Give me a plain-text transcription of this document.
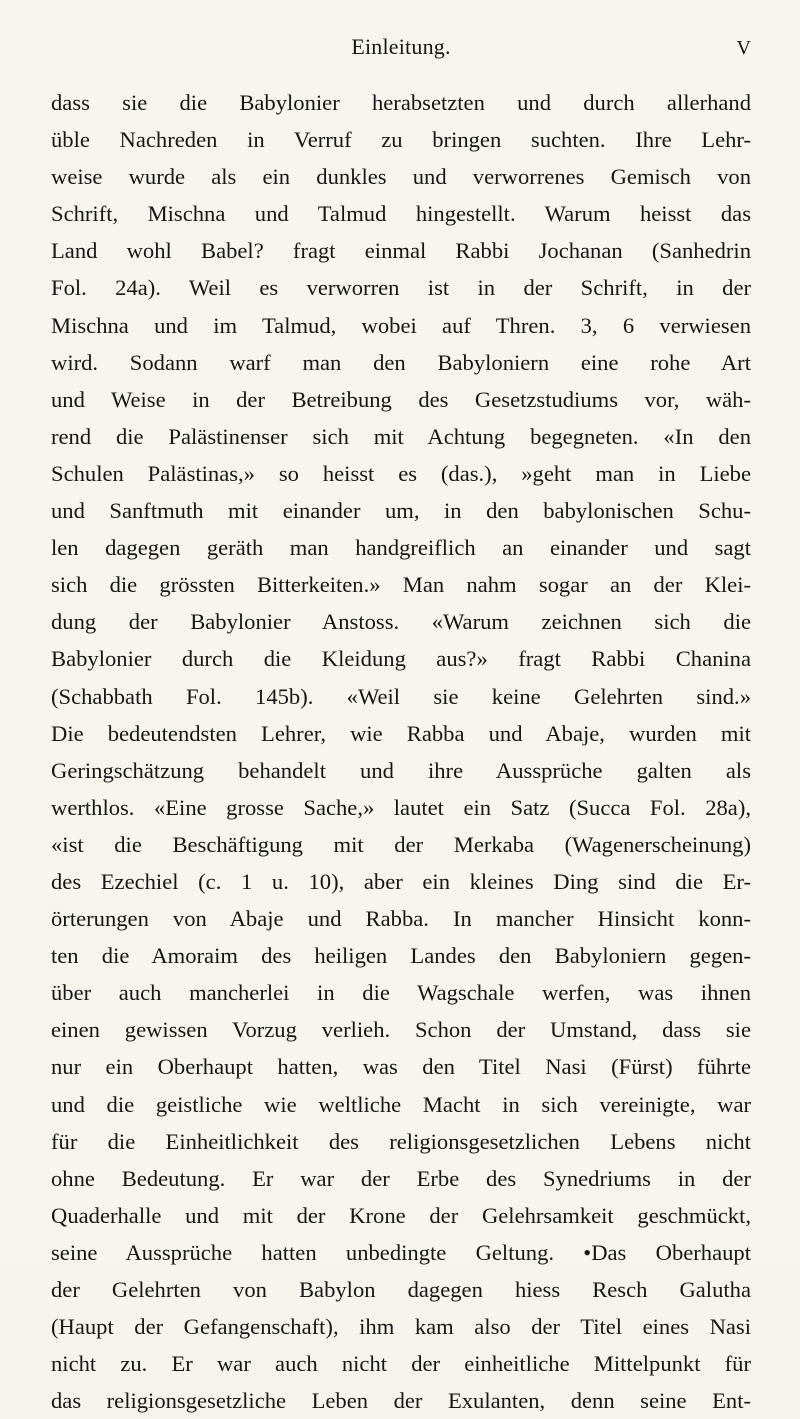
Einleitung.	V
dass sie die Babylonier herabsetzten und durch allerhand
üble Nachreden in Verruf zu bringen suchten. Ihre Lehr-
weise wurde als ein dunkles und verworrenes Gemisch von
Schrift, Mischna und Talmud hingestellt. Warum heisst das
Land wohl Babel? fragt einmal Rabbi Jochanan (Sanhedrin
Fol. 24a). Weil es verworren ist in der Schrift, in der
Mischna und im Talmud, wobei auf Thren. 3, 6 verwiesen
wird. Sodann warf man den Babyloniern eine rohe Art
und Weise in der Betreibung des Gesetzstudiums vor, wäh-
rend die Palästinenser sich mit Achtung begegneten. «In den
Schulen Palästinas,» so heisst es (das.), »geht man in Liebe
und Sanftmuth mit einander um, in den babylonischen Schu-
len dagegen geräth man handgreiflich an einander und sagt
sich die grössten Bitterkeiten.» Man nahm sogar an der Klei-
dung der Babylonier Anstoss. «Warum zeichnen sich die
Babylonier durch die Kleidung aus?» fragt Rabbi Chanina
(Schabbath Fol. 145b). «Weil sie keine Gelehrten sind.»
Die bedeutendsten Lehrer, wie Rabba und Abaje, wurden mit
Geringschätzung behandelt und ihre Aussprüche galten als
werthlos. «Eine grosse Sache,» lautet ein Satz (Succa Fol. 28a),
«ist die Beschäftigung mit der Merkaba (Wagenerscheinung)
des Ezechiel (c. 1 u. 10), aber ein kleines Ding sind die Er-
örterungen von Abaje und Rabba. In mancher Hinsicht konn-
ten die Amoraim des heiligen Landes den Babyloniern gegen-
über auch mancherlei in die Wagschale werfen, was ihnen
einen gewissen Vorzug verlieh. Schon der Umstand, dass sie
nur ein Oberhaupt hatten, was den Titel Nasi (Fürst) führte
und die geistliche wie weltliche Macht in sich vereinigte, war
für die Einheitlichkeit des religionsgesetzlichen Lebens nicht
ohne Bedeutung. Er war der Erbe des Synedriums in der
Quaderhalle und mit der Krone der Gelehrsamkeit geschmückt,
seine Aussprüche hatten unbedingte Geltung. •Das Oberhaupt
der Gelehrten von Babylon dagegen hiess Resch Galutha
(Haupt der Gefangenschaft), ihm kam also der Titel eines Nasi
nicht zu. Er war auch nicht der einheitliche Mittelpunkt für
das religionsgesetzliche Leben der Exulanten, denn seine Ent-
